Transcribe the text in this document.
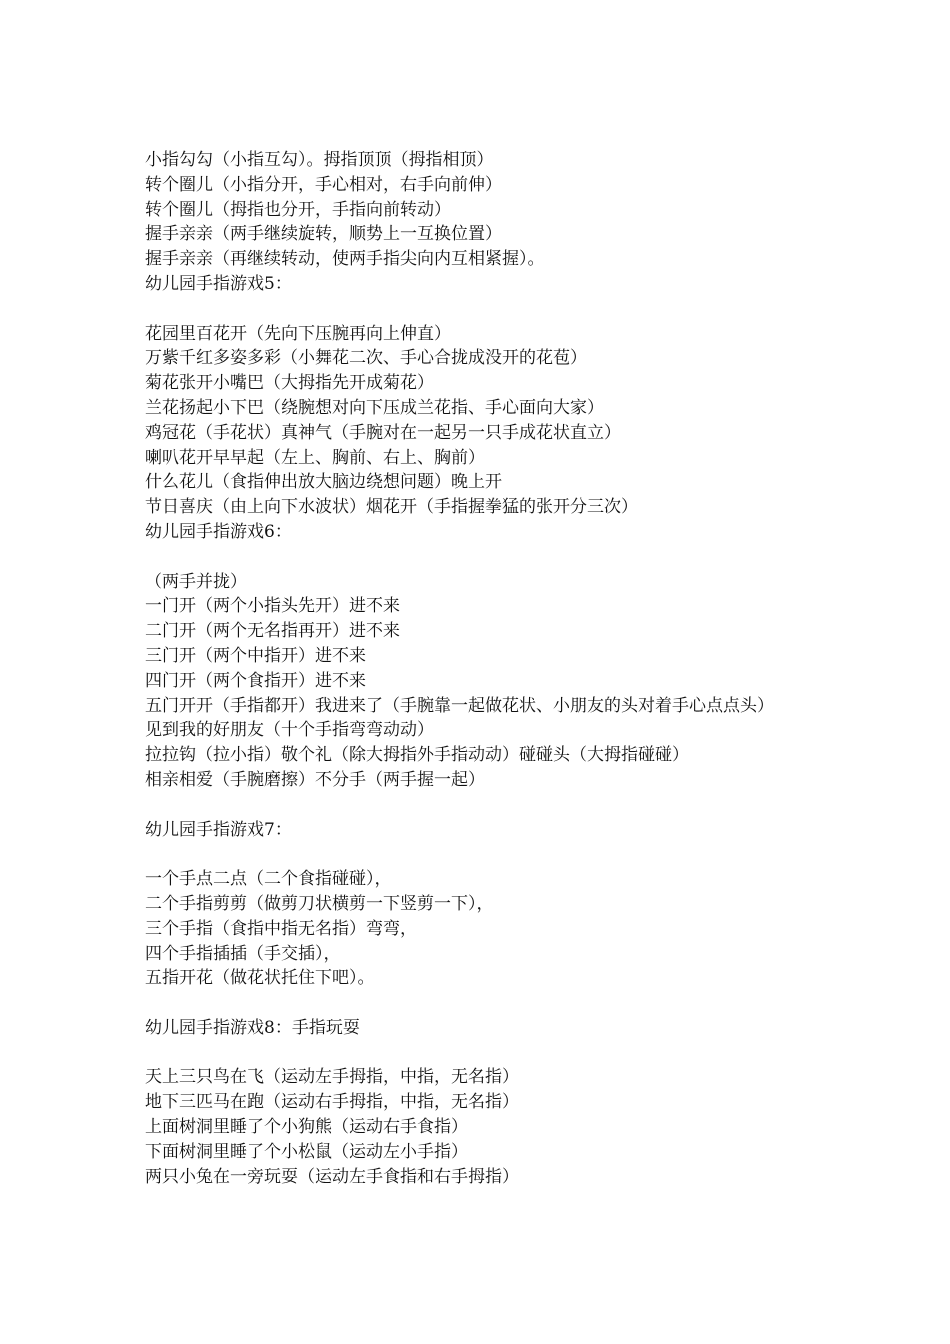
小指勾勾（小指互勾）。拇指顶顶（拇指相顶）

转个圈儿（小指分开，手心相对，右手向前伸）

转个圈儿（拇指也分开，手指向前转动）

握手亲亲（两手继续旋转，顺势上一互换位置）

握手亲亲（再继续转动，使两手指尖向内互相紧握）。

幼儿园手指游戏5：

花园里百花开（先向下压腕再向上伸直）

万紫千红多姿多彩（小舞花二次、手心合拢成没开的花苞）

菊花张开小嘴巴（大拇指先开成菊花）

兰花扬起小下巴（绕腕想对向下压成兰花指、手心面向大家）

鸡冠花（手花状）真神气（手腕对在一起另一只手成花状直立）

喇叭花开早早起（左上、胸前、右上、胸前）

什么花儿（食指伸出放大脑边绕想问题）晚上开

节日喜庆（由上向下水波状）烟花开（手指握拳猛的张开分三次）

幼儿园手指游戏6：

（两手并拢）

一门开（两个小指头先开）进不来

二门开（两个无名指再开）进不来

三门开（两个中指开）进不来

四门开（两个食指开）进不来

五门开开（手指都开）我进来了（手腕靠一起做花状、小朋友的头对着手心点点头）

见到我的好朋友（十个手指弯弯动动）

拉拉钩（拉小指）敬个礼（除大拇指外手指动动）碰碰头（大拇指碰碰）

相亲相爱（手腕磨擦）不分手（两手握一起）

幼儿园手指游戏7：

一个手点二点（二个食指碰碰），

二个手指剪剪（做剪刀状横剪一下竖剪一下），

三个手指（食指中指无名指）弯弯，

四个手指插插（手交插），

五指开花（做花状托住下吧）。

幼儿园手指游戏8：手指玩耍

天上三只鸟在飞（运动左手拇指，中指，无名指）

地下三匹马在跑（运动右手拇指，中指，无名指）

上面树洞里睡了个小狗熊（运动右手食指）

下面树洞里睡了个小松鼠（运动左小手指）

两只小兔在一旁玩耍（运动左手食指和右手拇指）
